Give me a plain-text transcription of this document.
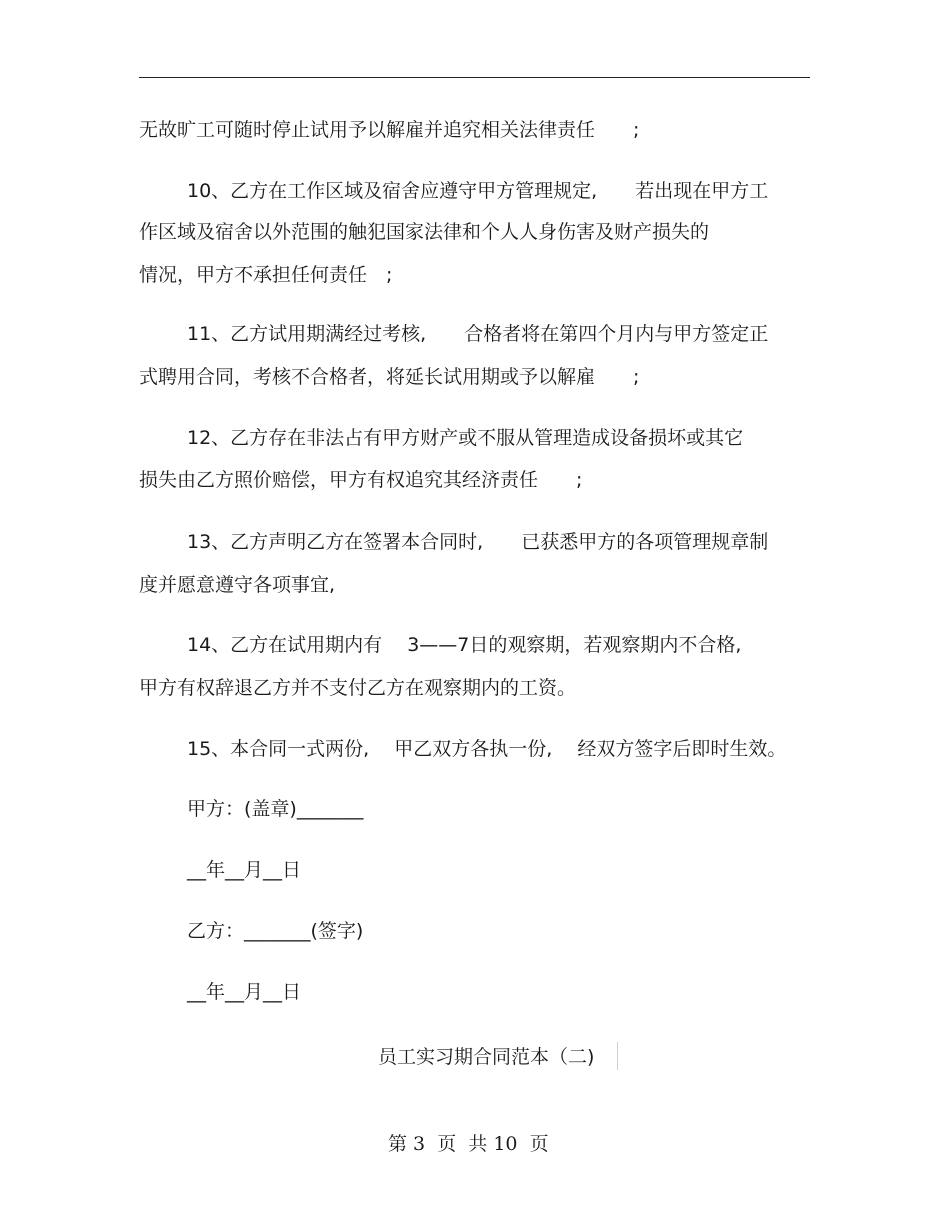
无故旷工可随时停止试用予以解雇并追究相关法律责任　　;
10、乙方在工作区域及宿舍应遵守甲方管理规定,　　若出现在甲方工
作区域及宿舍以外范围的触犯国家法律和个人人身伤害及财产损失的
情况，甲方不承担任何责任　;
11、乙方试用期满经过考核,　　合格者将在第四个月内与甲方签定正
式聘用合同，考核不合格者，将延长试用期或予以解雇　　;
12、乙方存在非法占有甲方财产或不服从管理造成设备损坏或其它
损失由乙方照价赔偿，甲方有权追究其经济责任　　;
13、乙方声明乙方在签署本合同时,　　已获悉甲方的各项管理规章制
度并愿意遵守各项事宜,
14、乙方在试用期内有　 3——7日的观察期，若观察期内不合格,
甲方有权辞退乙方并不支付乙方在观察期内的工资。
15、本合同一式两份,　 甲乙双方各执一份,　 经双方签字后即时生效。
甲方：(盖章)_______
__年__月__日
乙方：_______(签字)
__年__月__日
员工实习期合同范本（二)
第 3  页  共 10  页
